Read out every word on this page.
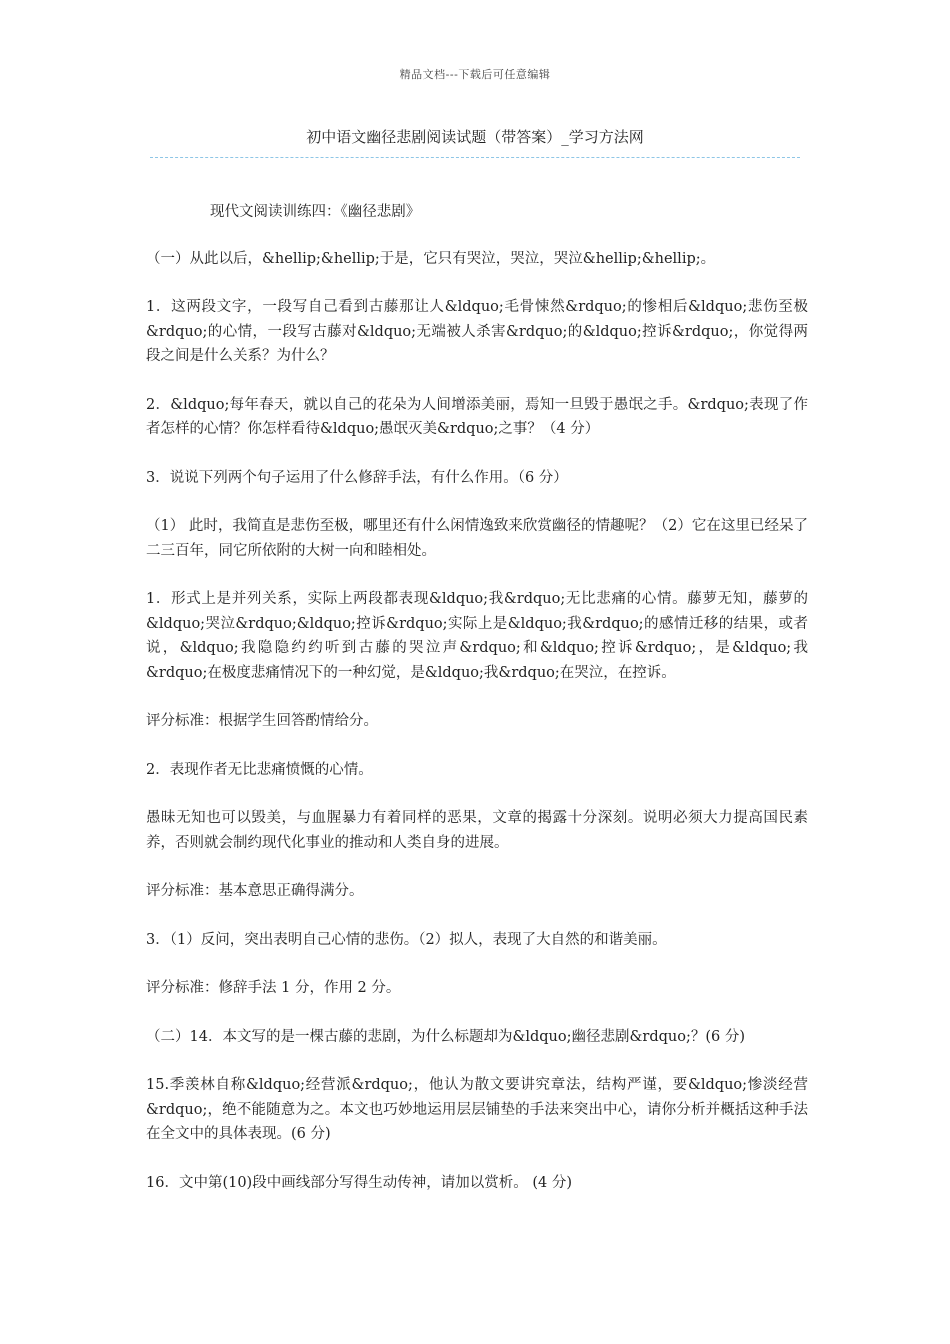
精品文档---下载后可任意编辑
初中语文幽径悲剧阅读试题（带答案）_学习方法网

现代文阅读训练四：《幽径悲剧》

（一）从此以后，&hellip;&hellip;于是，它只有哭泣，哭泣，哭泣&hellip;&hellip;。

1．这两段文字，一段写自己看到古藤那让人&ldquo;毛骨悚然&rdquo;的惨相后&ldquo;悲伤至极&rdquo;的心情，一段写古藤对&ldquo;无端被人杀害&rdquo;的&ldquo;控诉&rdquo;，你觉得两段之间是什么关系？为什么？

2．&ldquo;每年春天，就以自己的花朵为人间增添美丽，焉知一旦毁于愚氓之手。&rdquo;表现了作者怎样的心情？你怎样看待&ldquo;愚氓灭美&rdquo;之事？（4 分）

3．说说下列两个句子运用了什么修辞手法，有什么作用。（6 分）

（1） 此时，我简直是悲伤至极，哪里还有什么闲情逸致来欣赏幽径的情趣呢？（2）它在这里已经呆了二三百年，同它所依附的大树一向和睦相处。

1．形式上是并列关系，实际上两段都表现&ldquo;我&rdquo;无比悲痛的心情。藤萝无知，藤萝的&ldquo;哭泣&rdquo;&ldquo;控诉&rdquo;实际上是&ldquo;我&rdquo;的感情迁移的结果，或者说，&ldquo;我隐隐约约听到古藤的哭泣声&rdquo;和&ldquo;控诉&rdquo;，是&ldquo;我&rdquo;在极度悲痛情况下的一种幻觉，是&ldquo;我&rdquo;在哭泣，在控诉。

评分标准：根据学生回答酌情给分。

2．表现作者无比悲痛愤慨的心情。

愚昧无知也可以毁美，与血腥暴力有着同样的恶果，文章的揭露十分深刻。说明必须大力提高国民素养，否则就会制约现代化事业的推动和人类自身的进展。

评分标准：基本意思正确得满分。

3．（1）反问，突出表明自己心情的悲伤。（2）拟人，表现了大自然的和谐美丽。

评分标准：修辞手法 1 分，作用 2 分。

（二）14．本文写的是一棵古藤的悲剧，为什么标题却为&ldquo;幽径悲剧&rdquo;？(6 分)

15.季羡林自称&ldquo;经营派&rdquo;，他认为散文要讲究章法，结构严谨，要&ldquo;惨淡经营&rdquo;，绝不能随意为之。本文也巧妙地运用层层铺垫的手法来突出中心，请你分析并概括这种手法在全文中的具体表现。(6 分)

16．文中第(10)段中画线部分写得生动传神，请加以赏析。 (4 分)
